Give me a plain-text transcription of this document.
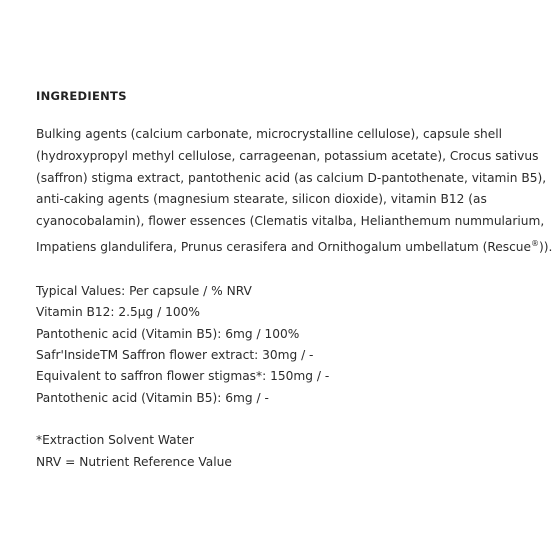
INGREDIENTS

Bulking agents (calcium carbonate, microcrystalline cellulose), capsule shell
(hydroxypropyl methyl cellulose, carrageenan, potassium acetate), Crocus sativus
(saffron) stigma extract, pantothenic acid (as calcium D-pantothenate, vitamin B5),
anti-caking agents (magnesium stearate, silicon dioxide), vitamin B12 (as
cyanocobalamin), flower essences (Clematis vitalba, Helianthemum nummularium,
Impatiens glandulifera, Prunus cerasifera and Ornithogalum umbellatum (Rescue®)).

Typical Values: Per capsule / % NRV
Vitamin B12: 2.5µg / 100%
Pantothenic acid (Vitamin B5): 6mg / 100%
Safr'InsideTM Saffron flower extract: 30mg / -
Equivalent to saffron flower stigmas*: 150mg / -
Pantothenic acid (Vitamin B5): 6mg / -
*Extraction Solvent Water
NRV = Nutrient Reference Value
